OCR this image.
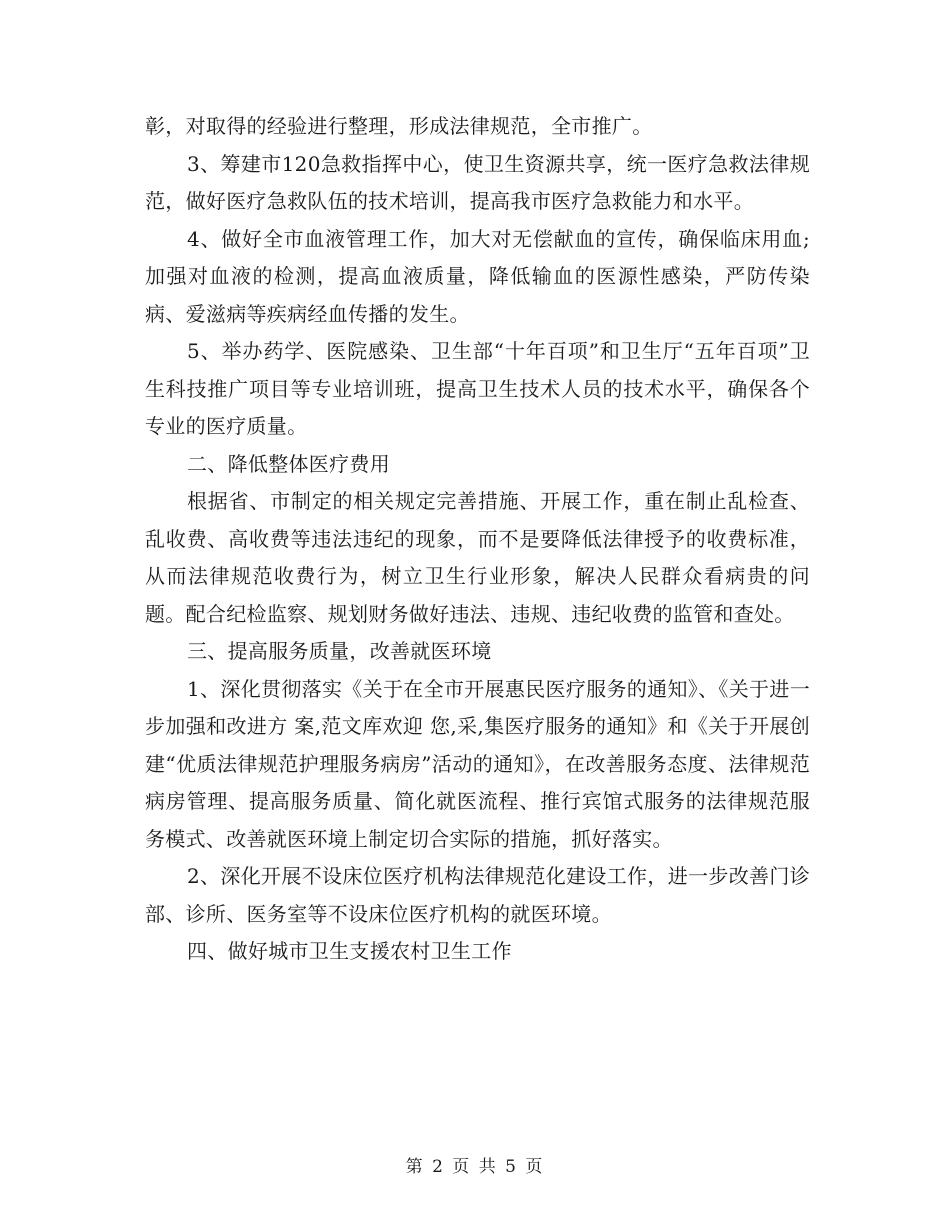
彰，对取得的经验进行整理，形成法律规范，全市推广。

3、筹建市120急救指挥中心，使卫生资源共享，统一医疗急救法律规范，做好医疗急救队伍的技术培训，提高我市医疗急救能力和水平。

4、做好全市血液管理工作，加大对无偿献血的宣传，确保临床用血;加强对血液的检测，提高血液质量，降低输血的医源性感染，严防传染病、爱滋病等疾病经血传播的发生。

5、举办药学、医院感染、卫生部“十年百项”和卫生厅“五年百项”卫生科技推广项目等专业培训班，提高卫生技术人员的技术水平，确保各个专业的医疗质量。

二、降低整体医疗费用

根据省、市制定的相关规定完善措施、开展工作，重在制止乱检查、乱收费、高收费等违法违纪的现象，而不是要降低法律授予的收费标准，从而法律规范收费行为，树立卫生行业形象，解决人民群众看病贵的问题。配合纪检监察、规划财务做好违法、违规、违纪收费的监管和查处。

三、提高服务质量，改善就医环境

1、深化贯彻落实《关于在全市开展惠民医疗服务的通知》、《关于进一步加强和改进方 案,范文库欢迎 您,采,集医疗服务的通知》和《关于开展创建“优质法律规范护理服务病房”活动的通知》，在改善服务态度、法律规范病房管理、提高服务质量、简化就医流程、推行宾馆式服务的法律规范服务模式、改善就医环境上制定切合实际的措施，抓好落实。

2、深化开展不设床位医疗机构法律规范化建设工作，进一步改善门诊部、诊所、医务室等不设床位医疗机构的就医环境。

四、做好城市卫生支援农村卫生工作

第 2 页 共 5 页
